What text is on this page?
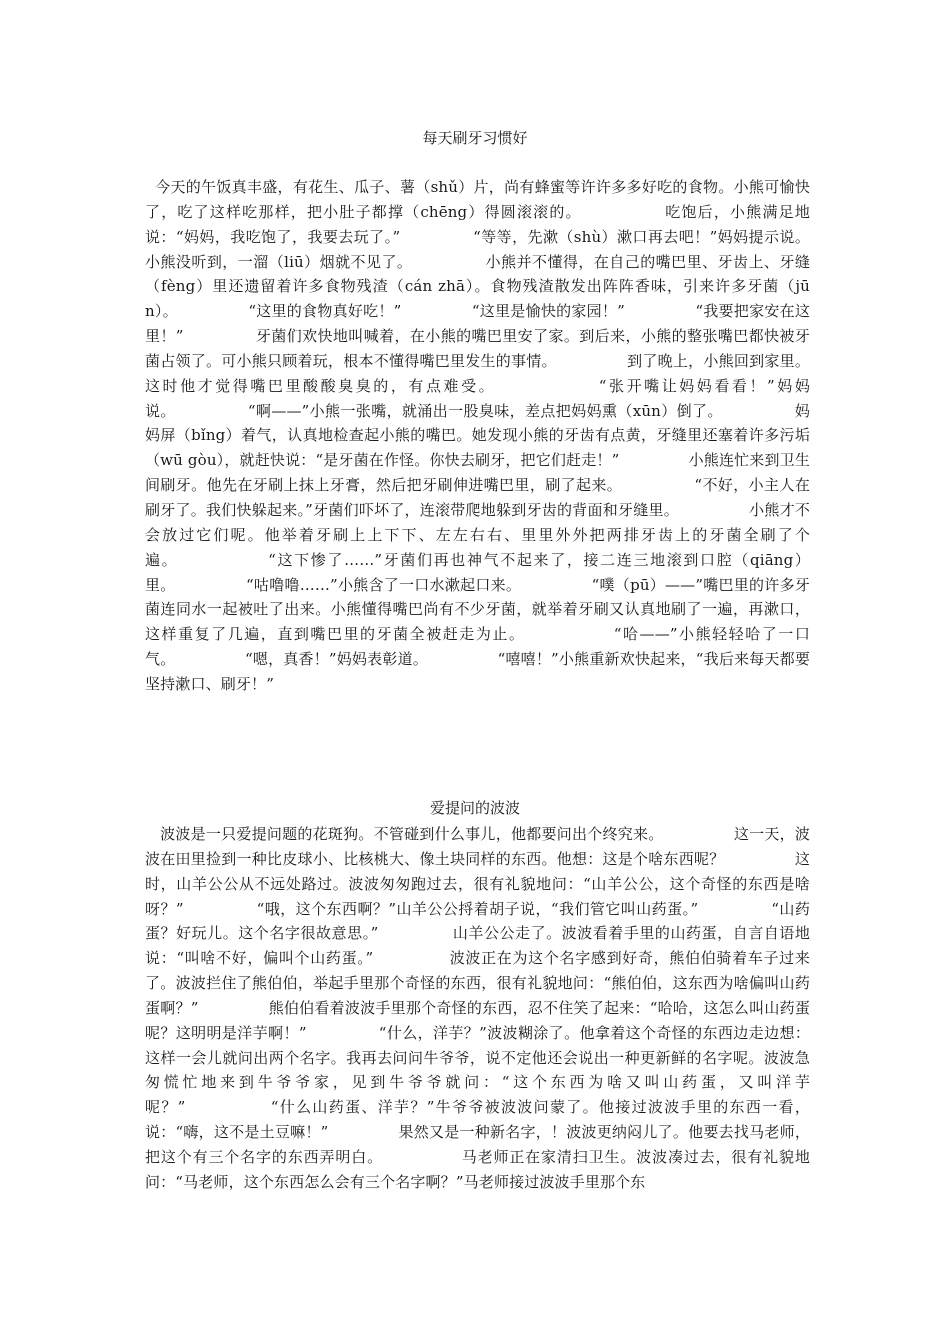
每天刷牙习惯好

今天的午饭真丰盛，有花生、瓜子、薯（shǔ）片，尚有蜂蜜等许许多多好吃的食物。小熊可愉快了，吃了这样吃那样，把小肚子都撑（chēng）得圆滚滚的。              吃饱后，小熊满足地说：“妈妈，我吃饱了，我要去玩了。”              “等等，先漱（shù）漱口再去吧！”妈妈提示说。小熊没听到，一溜（liū）烟就不见了。              小熊并不懂得，在自己的嘴巴里、牙齿上、牙缝（fèng）里还遗留着许多食物残渣（cán zhā）。食物残渣散发出阵阵香味，引来许多牙菌（jūn）。              “这里的食物真好吃！”              “这里是愉快的家园！”              “我要把家安在这里！”              牙菌们欢快地叫喊着，在小熊的嘴巴里安了家。到后来，小熊的整张嘴巴都快被牙菌占领了。可小熊只顾着玩，根本不懂得嘴巴里发生的事情。              到了晚上，小熊回到家里。这时他才觉得嘴巴里酸酸臭臭的，有点难受。              “张开嘴让妈妈看看！”妈妈说。              “啊——”小熊一张嘴，就涌出一股臭味，差点把妈妈熏（xūn）倒了。              妈妈屏（bǐng）着气，认真地检查起小熊的嘴巴。她发现小熊的牙齿有点黄，牙缝里还塞着许多污垢（wū gòu），就赶快说：“是牙菌在作怪。你快去刷牙，把它们赶走！”              小熊连忙来到卫生间刷牙。他先在牙刷上抹上牙膏，然后把牙刷伸进嘴巴里，刷了起来。              “不好，小主人在刷牙了。我们快躲起来。”牙菌们吓坏了，连滚带爬地躲到牙齿的背面和牙缝里。              小熊才不会放过它们呢。他举着牙刷上上下下、左左右右、里里外外把两排牙齿上的牙菌全刷了个遍。              “这下惨了……”牙菌们再也神气不起来了，接二连三地滚到口腔（qiāng）里。              “咕噜噜……”小熊含了一口水漱起口来。              “噗（pū）——”嘴巴里的许多牙菌连同水一起被吐了出来。小熊懂得嘴巴尚有不少牙菌，就举着牙刷又认真地刷了一遍，再漱口，这样重复了几遍，直到嘴巴里的牙菌全被赶走为止。              “哈——”小熊轻轻哈了一口气。              “嗯，真香！”妈妈表彰道。              “嘻嘻！”小熊重新欢快起来，“我后来每天都要坚持漱口、刷牙！”

爱提问的波波

波波是一只爱提问题的花斑狗。不管碰到什么事儿，他都要问出个终究来。              这一天，波波在田里捡到一种比皮球小、比核桃大、像土块同样的东西。他想：这是个啥东西呢？              这时，山羊公公从不远处路过。波波匆匆跑过去，很有礼貌地问：“山羊公公，这个奇怪的东西是啥呀？”              “哦，这个东西啊？”山羊公公捋着胡子说，“我们管它叫山药蛋。”              “山药蛋？好玩儿。这个名字很故意思。”              山羊公公走了。波波看着手里的山药蛋，自言自语地说：“叫啥不好，偏叫个山药蛋。”              波波正在为这个名字感到好奇，熊伯伯骑着车子过来了。波波拦住了熊伯伯，举起手里那个奇怪的东西，很有礼貌地问：“熊伯伯，这东西为啥偏叫山药蛋啊？”              熊伯伯看着波波手里那个奇怪的东西，忍不住笑了起来：“哈哈，这怎么叫山药蛋呢？这明明是洋芋啊！”              “什么，洋芋？”波波糊涂了。他拿着这个奇怪的东西边走边想：这样一会儿就问出两个名字。我再去问问牛爷爷，说不定他还会说出一种更新鲜的名字呢。波波急匆慌忙地来到牛爷爷家，见到牛爷爷就问：“这个东西为啥又叫山药蛋，又叫洋芋呢？”              “什么山药蛋、洋芋？”牛爷爷被波波问蒙了。他接过波波手里的东西一看，说：“嗨，这不是土豆嘛！”              果然又是一种新名字，！波波更纳闷儿了。他要去找马老师，把这个有三个名字的东西弄明白。              马老师正在家清扫卫生。波波凑过去，很有礼貌地问：“马老师，这个东西怎么会有三个名字啊？”马老师接过波波手里那个东
